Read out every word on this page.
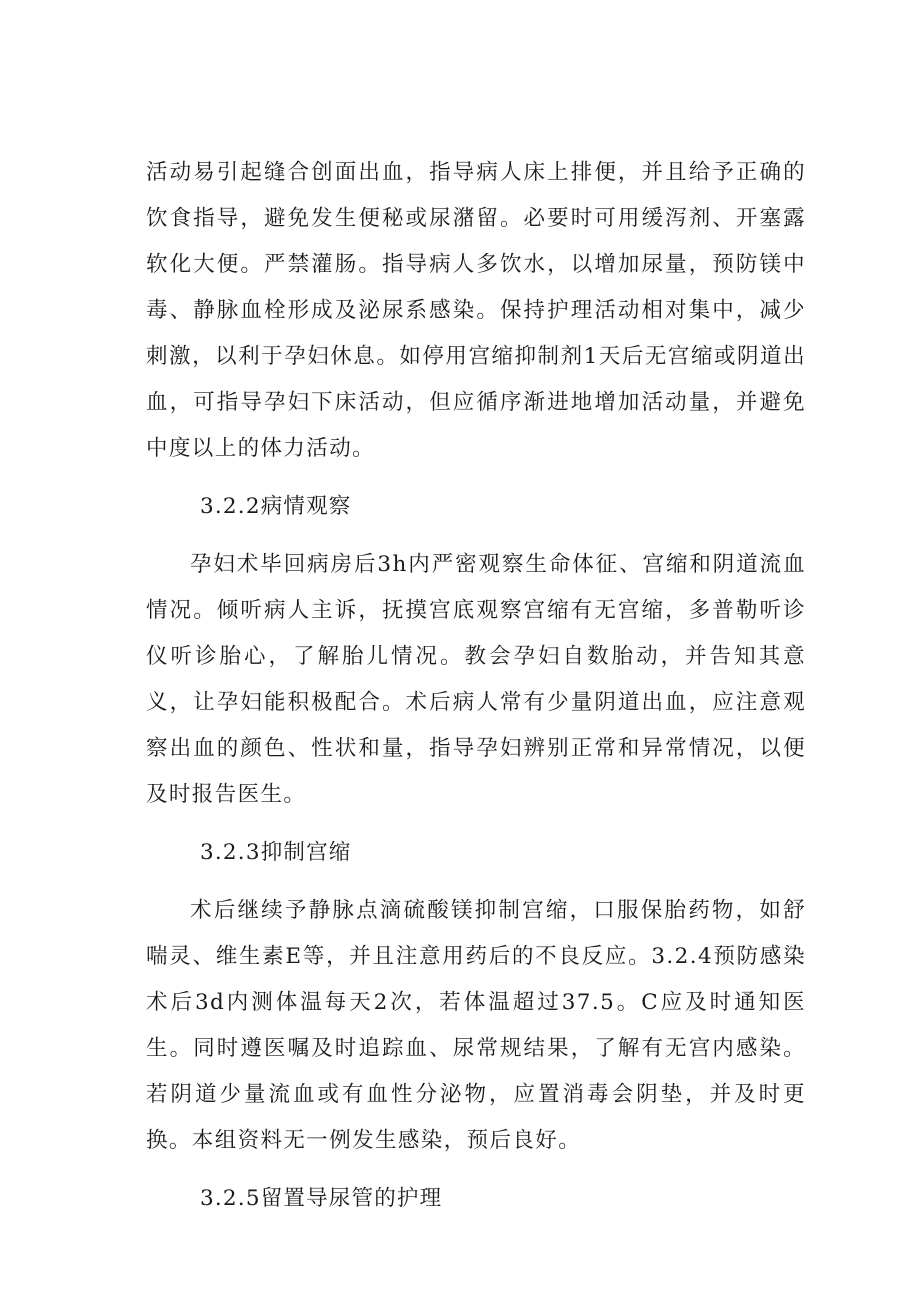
活动易引起缝合创面出血，指导病人床上排便，并且给予正确的饮食指导，避免发生便秘或尿潴留。必要时可用缓泻剂、开塞露软化大便。严禁灌肠。指导病人多饮水，以增加尿量，预防镁中毒、静脉血栓形成及泌尿系感染。保持护理活动相对集中，减少刺激，以利于孕妇休息。如停用宫缩抑制剂1天后无宫缩或阴道出血，可指导孕妇下床活动，但应循序渐进地增加活动量，并避免中度以上的体力活动。

3.2.2病情观察

孕妇术毕回病房后3h内严密观察生命体征、宫缩和阴道流血情况。倾听病人主诉，抚摸宫底观察宫缩有无宫缩，多普勒听诊仪听诊胎心，了解胎儿情况。教会孕妇自数胎动，并告知其意义，让孕妇能积极配合。术后病人常有少量阴道出血，应注意观察出血的颜色、性状和量，指导孕妇辨别正常和异常情况，以便及时报告医生。

3.2.3抑制宫缩

术后继续予静脉点滴硫酸镁抑制宫缩，口服保胎药物，如舒喘灵、维生素E等，并且注意用药后的不良反应。3.2.4预防感染术后3d内测体温每天2次，若体温超过37.5。C应及时通知医生。同时遵医嘱及时追踪血、尿常规结果，了解有无宫内感染。若阴道少量流血或有血性分泌物，应置消毒会阴垫，并及时更换。本组资料无一例发生感染，预后良好。

3.2.5留置导尿管的护理
